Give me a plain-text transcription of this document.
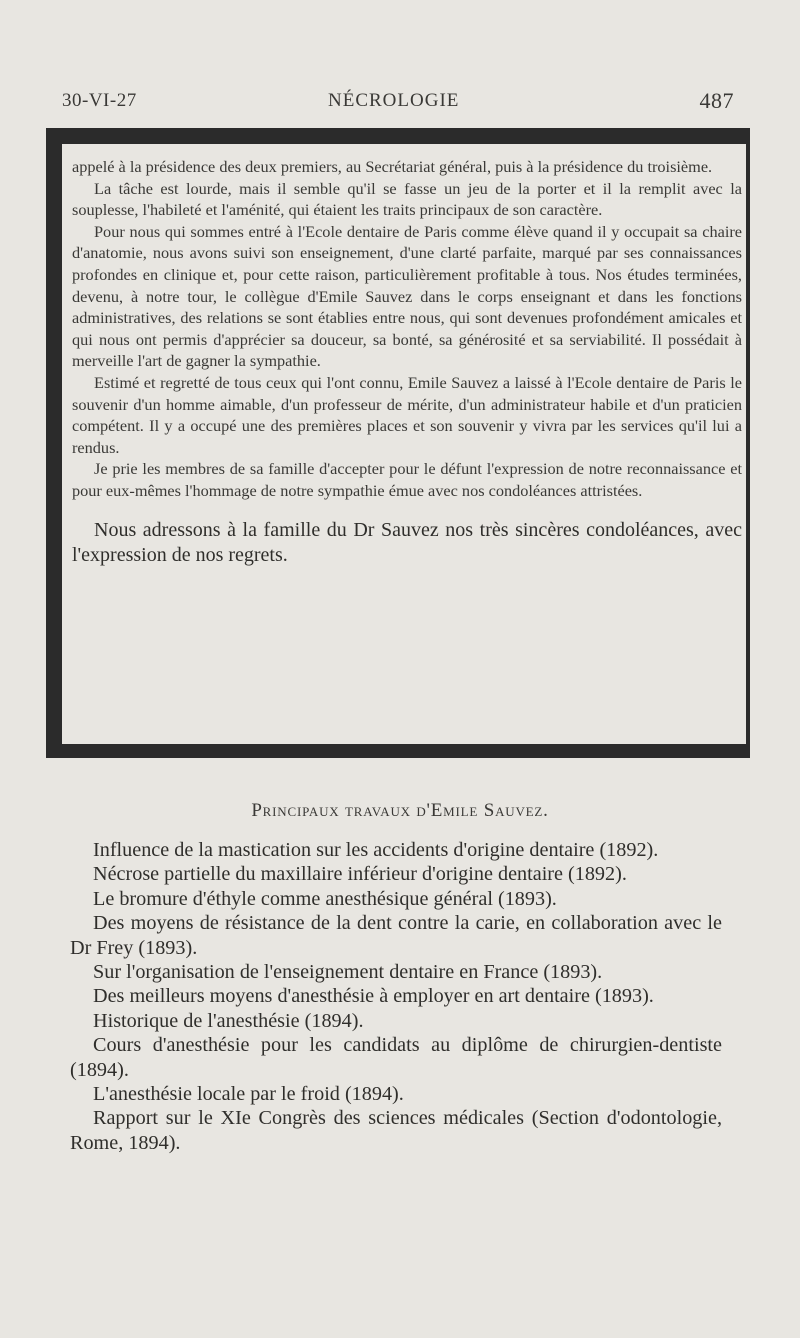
30-VI-27	NÉCROLOGIE	487

appelé à la présidence des deux premiers, au Secrétariat général, puis à la présidence du troisième.

La tâche est lourde, mais il semble qu'il se fasse un jeu de la porter et il la remplit avec la souplesse, l'habileté et l'aménité, qui étaient les traits principaux de son caractère.

Pour nous qui sommes entré à l'Ecole dentaire de Paris comme élève quand il y occupait sa chaire d'anatomie, nous avons suivi son enseignement, d'une clarté parfaite, marqué par ses connaissances profondes en clinique et, pour cette raison, particulièrement profitable à tous. Nos études terminées, devenu, à notre tour, le collègue d'Emile Sauvez dans le corps enseignant et dans les fonctions administratives, des relations se sont établies entre nous, qui sont devenues profondément amicales et qui nous ont permis d'apprécier sa douceur, sa bonté, sa générosité et sa serviabilité. Il possédait à merveille l'art de gagner la sympathie.

Estimé et regretté de tous ceux qui l'ont connu, Emile Sauvez a laissé à l'Ecole dentaire de Paris le souvenir d'un homme aimable, d'un professeur de mérite, d'un administrateur habile et d'un praticien compétent. Il y a occupé une des premières places et son souvenir y vivra par les services qu'il lui a rendus.

Je prie les membres de sa famille d'accepter pour le défunt l'expression de notre reconnaissance et pour eux-mêmes l'hommage de notre sympathie émue avec nos condoléances attristées.

Nous adressons à la famille du Dr Sauvez nos très sincères condoléances, avec l'expression de nos regrets.

Principaux travaux d'Emile Sauvez.

Influence de la mastication sur les accidents d'origine dentaire (1892).

Nécrose partielle du maxillaire inférieur d'origine dentaire (1892).

Le bromure d'éthyle comme anesthésique général (1893).

Des moyens de résistance de la dent contre la carie, en collaboration avec le Dr Frey (1893).

Sur l'organisation de l'enseignement dentaire en France (1893).

Des meilleurs moyens d'anesthésie à employer en art dentaire (1893).

Historique de l'anesthésie (1894).

Cours d'anesthésie pour les candidats au diplôme de chirurgien-dentiste (1894).

L'anesthésie locale par le froid (1894).

Rapport sur le XIe Congrès des sciences médicales (Section d'odontologie, Rome, 1894).
